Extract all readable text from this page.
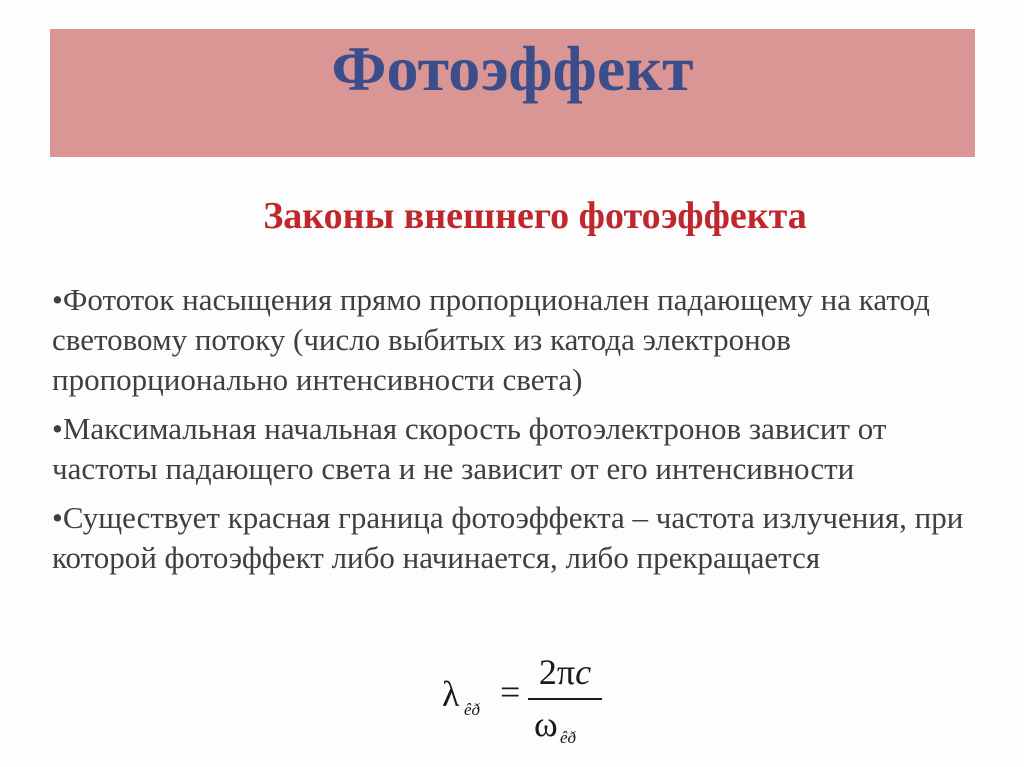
Фотоэффект
Законы внешнего фотоэффекта
•Фототок насыщения прямо пропорционален падающему на катод световому потоку (число выбитых из катода электронов пропорционально интенсивности света)
•Максимальная начальная скорость фотоэлектронов зависит от частоты падающего света и не зависит от его интенсивности
•Существует красная граница фотоэффекта – частота излучения, при которой фотоэффект либо начинается, либо прекращается
λ êð = 2πc
ω êð
